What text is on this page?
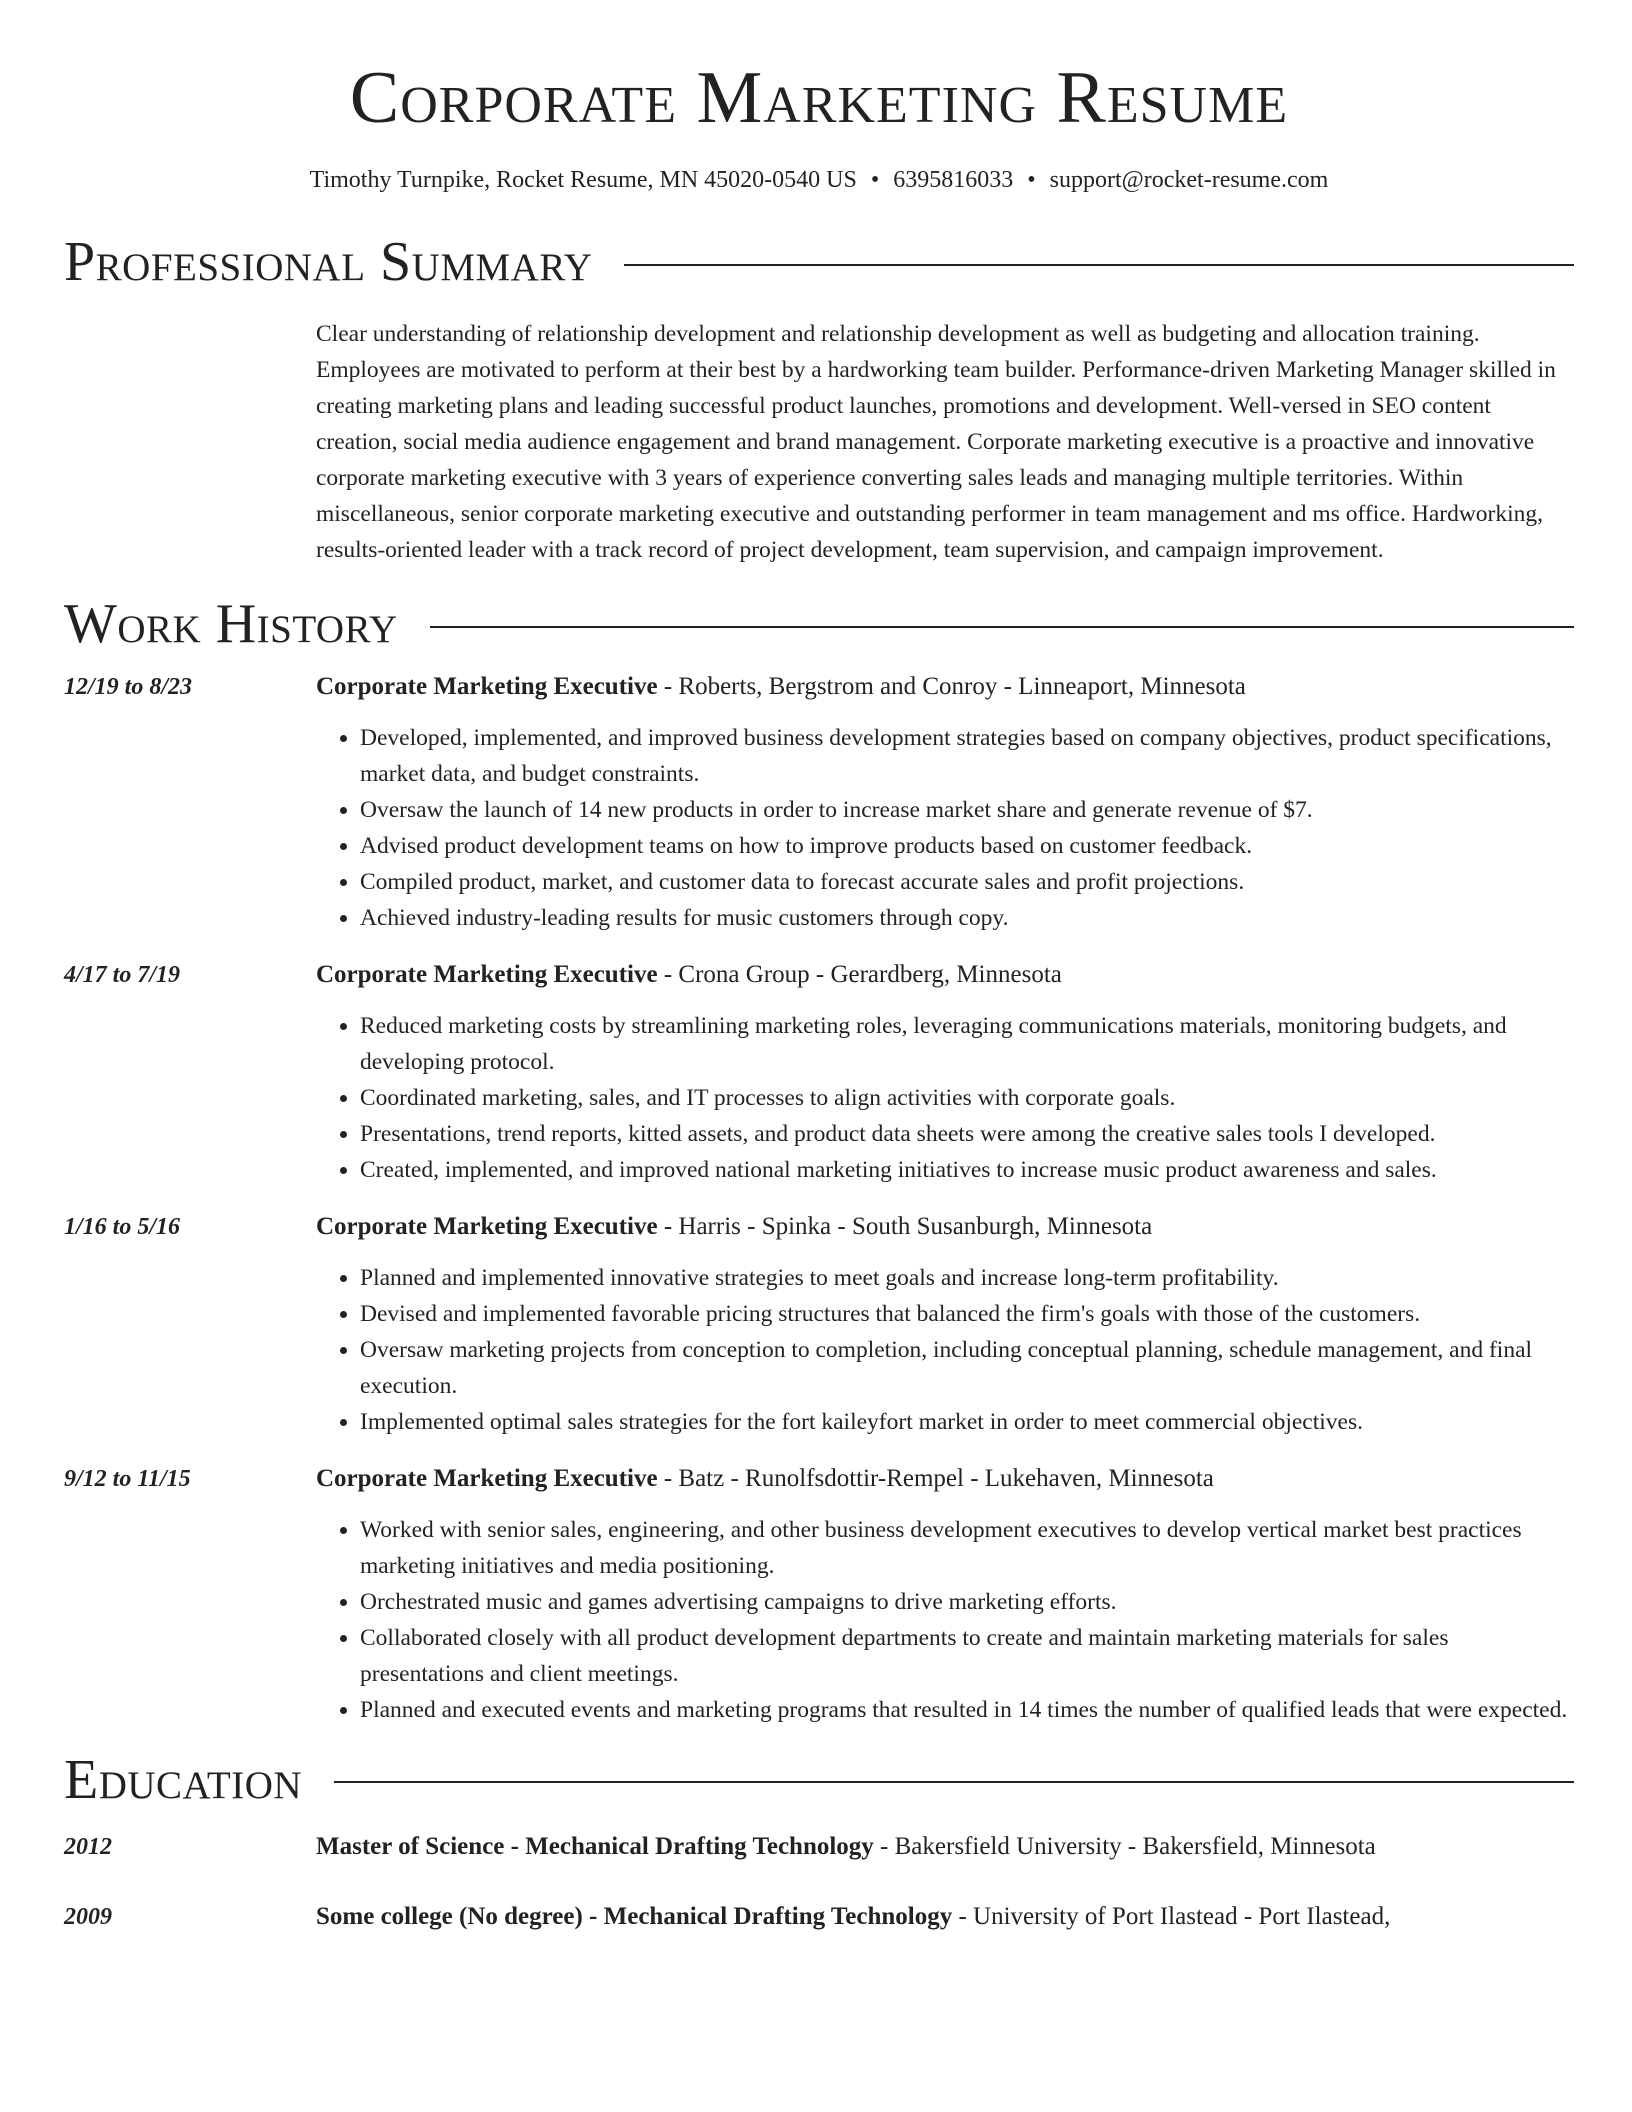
Corporate Marketing Resume
Timothy Turnpike, Rocket Resume, MN 45020-0540 US • 6395816033 • support@rocket-resume.com
Professional Summary
Clear understanding of relationship development and relationship development as well as budgeting and allocation training. Employees are motivated to perform at their best by a hardworking team builder. Performance-driven Marketing Manager skilled in creating marketing plans and leading successful product launches, promotions and development. Well-versed in SEO content creation, social media audience engagement and brand management. Corporate marketing executive is a proactive and innovative corporate marketing executive with 3 years of experience converting sales leads and managing multiple territories. Within miscellaneous, senior corporate marketing executive and outstanding performer in team management and ms office. Hardworking, results-oriented leader with a track record of project development, team supervision, and campaign improvement.
Work History
12/19 to 8/23	Corporate Marketing Executive - Roberts, Bergstrom and Conroy - Linneaport, Minnesota
• Developed, implemented, and improved business development strategies based on company objectives, product specifications, market data, and budget constraints.
• Oversaw the launch of 14 new products in order to increase market share and generate revenue of $7.
• Advised product development teams on how to improve products based on customer feedback.
• Compiled product, market, and customer data to forecast accurate sales and profit projections.
• Achieved industry-leading results for music customers through copy.
4/17 to 7/19	Corporate Marketing Executive - Crona Group - Gerardberg, Minnesota
• Reduced marketing costs by streamlining marketing roles, leveraging communications materials, monitoring budgets, and developing protocol.
• Coordinated marketing, sales, and IT processes to align activities with corporate goals.
• Presentations, trend reports, kitted assets, and product data sheets were among the creative sales tools I developed.
• Created, implemented, and improved national marketing initiatives to increase music product awareness and sales.
1/16 to 5/16	Corporate Marketing Executive - Harris - Spinka - South Susanburgh, Minnesota
• Planned and implemented innovative strategies to meet goals and increase long-term profitability.
• Devised and implemented favorable pricing structures that balanced the firm's goals with those of the customers.
• Oversaw marketing projects from conception to completion, including conceptual planning, schedule management, and final execution.
• Implemented optimal sales strategies for the fort kaileyfort market in order to meet commercial objectives.
9/12 to 11/15	Corporate Marketing Executive - Batz - Runolfsdottir-Rempel - Lukehaven, Minnesota
• Worked with senior sales, engineering, and other business development executives to develop vertical market best practices marketing initiatives and media positioning.
• Orchestrated music and games advertising campaigns to drive marketing efforts.
• Collaborated closely with all product development departments to create and maintain marketing materials for sales presentations and client meetings.
• Planned and executed events and marketing programs that resulted in 14 times the number of qualified leads that were expected.
Education
2012	Master of Science - Mechanical Drafting Technology - Bakersfield University - Bakersfield, Minnesota
2009	Some college (No degree) - Mechanical Drafting Technology - University of Port Ilastead - Port Ilastead,
